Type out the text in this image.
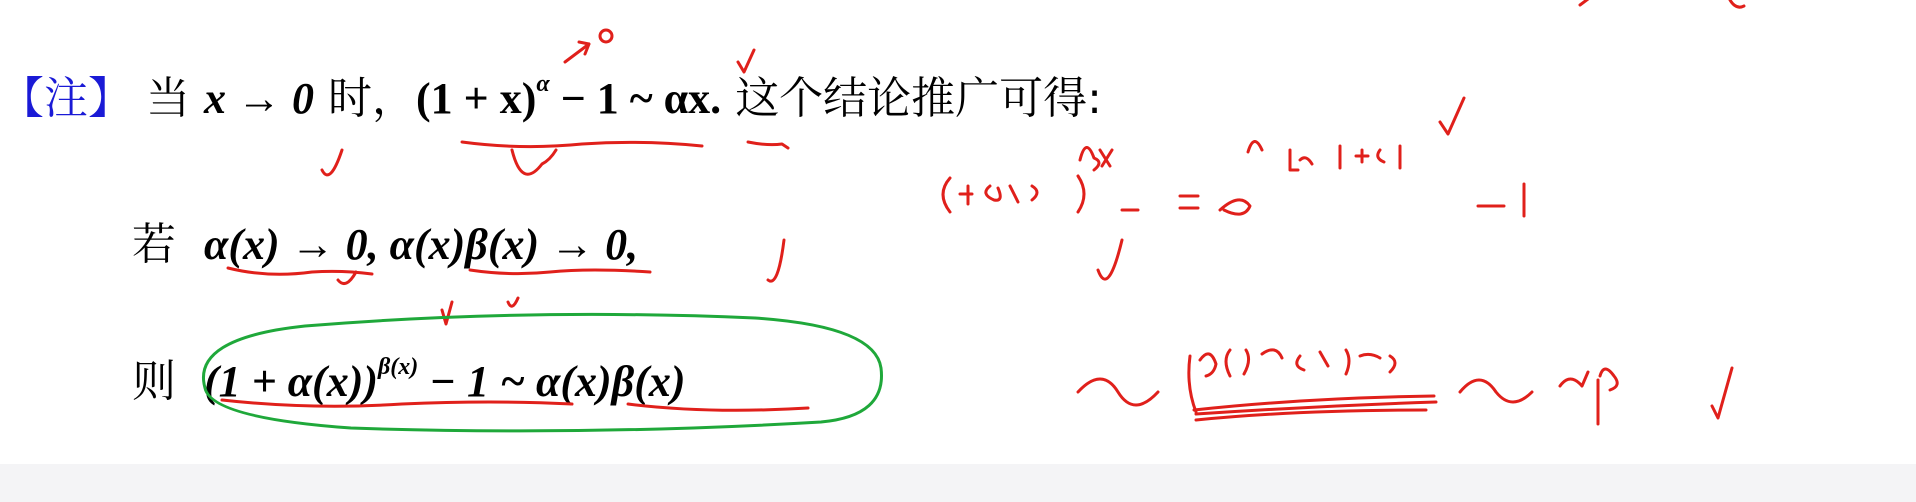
【注】 当 x → 0 时，$(1 + x)^\alpha - 1$ ~ αx. 这个结论推广可得:
若 α(x) → 0, α(x)β(x) → 0,
则 $(1 + \alpha(x))^{\beta(x)} - 1$ ~ α(x)β(x)
